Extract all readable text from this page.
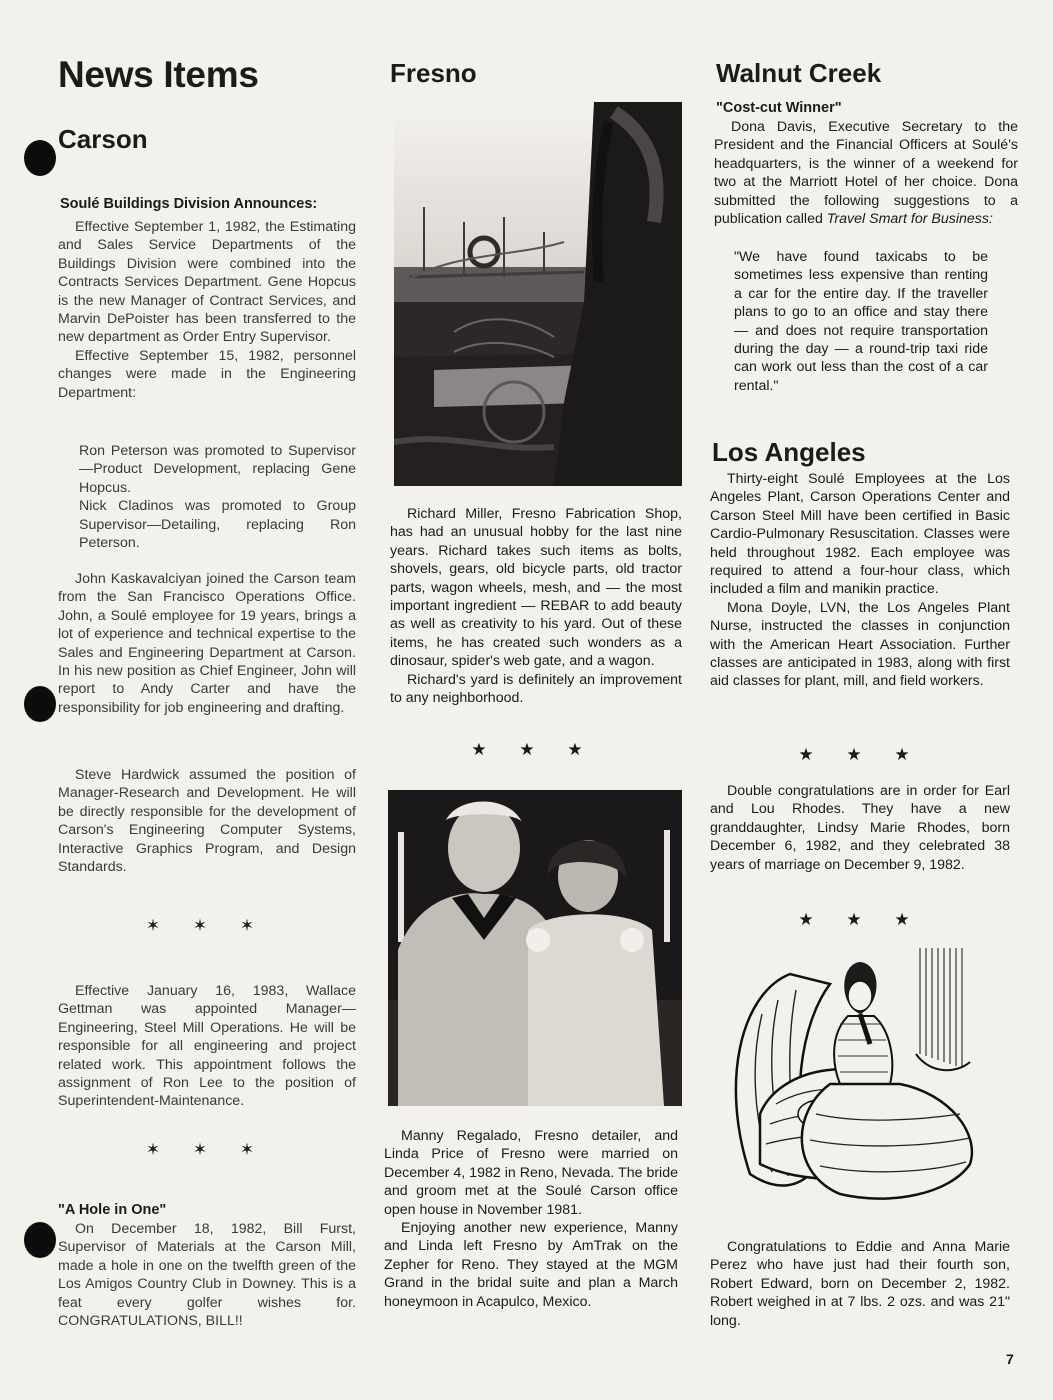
News Items
Carson
Soulé Buildings Division Announces:

Effective September 1, 1982, the Estimating and Sales Service Departments of the Buildings Division were combined into the Contracts Services Department. Gene Hopcus is the new Manager of Contract Services, and Marvin DePoister has been transferred to the new department as Order Entry Supervisor.

Effective September 15, 1982, personnel changes were made in the Engineering Department:

Ron Peterson was promoted to Supervisor—Product Development, replacing Gene Hopcus.

Nick Cladinos was promoted to Group Supervisor—Detailing, replacing Ron Peterson.

John Kaskavalciyan joined the Carson team from the San Francisco Operations Office. John, a Soulé employee for 19 years, brings a lot of experience and technical expertise to the Sales and Engineering Department at Carson. In his new position as Chief Engineer, John will report to Andy Carter and have the responsibility for job engineering and drafting.

Steve Hardwick assumed the position of Manager-Research and Development. He will be directly responsible for the development of Carson's Engineering Computer Systems, Interactive Graphics Program, and Design Standards.

✶ ✶ ✶

Effective January 16, 1983, Wallace Gettman was appointed Manager—Engineering, Steel Mill Operations. He will be responsible for all engineering and project related work. This appointment follows the assignment of Ron Lee to the position of Superintendent-Maintenance.

✶ ✶ ✶
"A Hole in One"

On December 18, 1982, Bill Furst, Supervisor of Materials at the Carson Mill, made a hole in one on the twelfth green of the Los Amigos Country Club in Downey. This is a feat every golfer wishes for. CONGRATULATIONS, BILL!!

Fresno

Richard Miller, Fresno Fabrication Shop, has had an unusual hobby for the last nine years. Richard takes such items as bolts, shovels, gears, old bicycle parts, old tractor parts, wagon wheels, mesh, and — the most important ingredient — REBAR to add beauty as well as creativity to his yard. Out of these items, he has created such wonders as a dinosaur, spider's web gate, and a wagon.

Richard's yard is definitely an improvement to any neighborhood.

★ ★ ★

Manny Regalado, Fresno detailer, and Linda Price of Fresno were married on December 4, 1982 in Reno, Nevada. The bride and groom met at the Soulé Carson office open house in November 1981.

Enjoying another new experience, Manny and Linda left Fresno by AmTrak on the Zepher for Reno. They stayed at the MGM Grand in the bridal suite and plan a March honeymoon in Acapulco, Mexico.

Walnut Creek
"Cost-cut Winner"

Dona Davis, Executive Secretary to the President and the Financial Officers at Soulé's headquarters, is the winner of a weekend for two at the Marriott Hotel of her choice. Dona submitted the following suggestions to a publication called Travel Smart for Business:

"We have found taxicabs to be sometimes less expensive than renting a car for the entire day. If the traveller plans to go to an office and stay there — and does not require transportation during the day — a round-trip taxi ride can work out less than the cost of a car rental."

Los Angeles

Thirty-eight Soulé Employees at the Los Angeles Plant, Carson Operations Center and Carson Steel Mill have been certified in Basic Cardio-Pulmonary Resuscitation. Classes were held throughout 1982. Each employee was required to attend a four-hour class, which included a film and manikin practice.

Mona Doyle, LVN, the Los Angeles Plant Nurse, instructed the classes in conjunction with the American Heart Association. Further classes are anticipated in 1983, along with first aid classes for plant, mill, and field workers.

★ ★ ★

Double congratulations are in order for Earl and Lou Rhodes. They have a new granddaughter, Lindsy Marie Rhodes, born December 6, 1982, and they celebrated 38 years of marriage on December 9, 1982.

★ ★ ★

Congratulations to Eddie and Anna Marie Perez who have just had their fourth son, Robert Edward, born on December 2, 1982. Robert weighed in at 7 lbs. 2 ozs. and was 21" long.

7
